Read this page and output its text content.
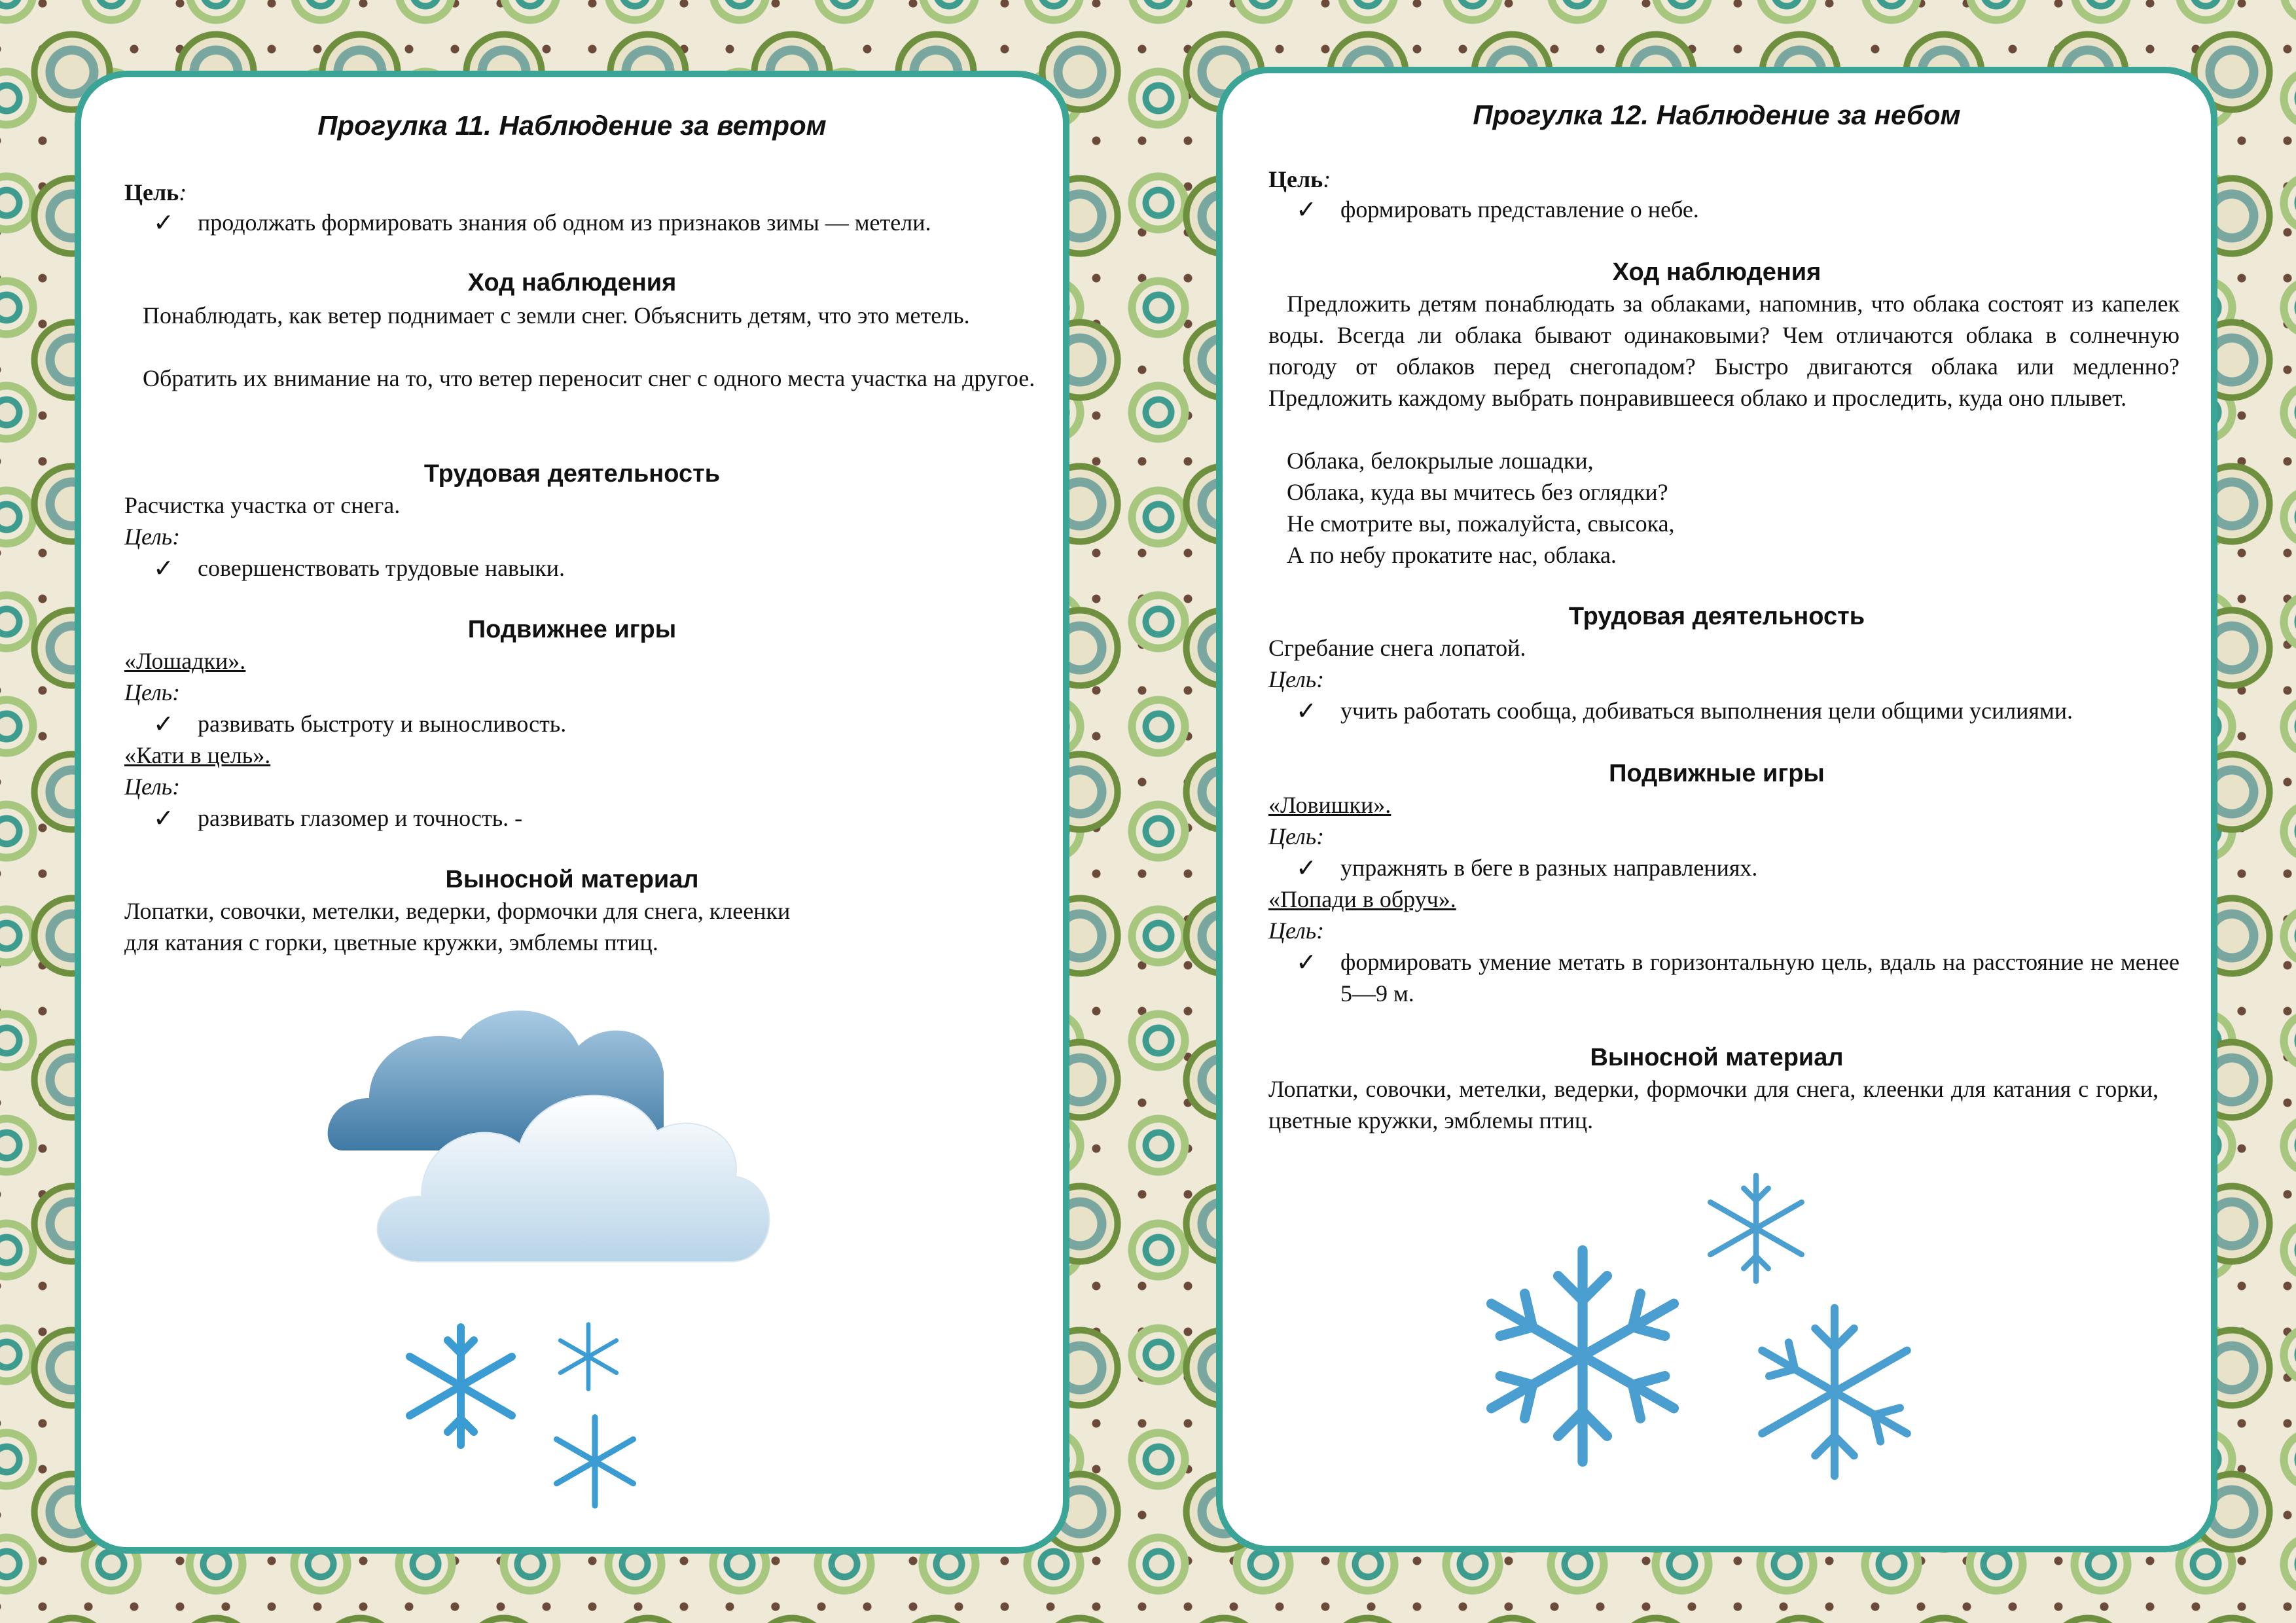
Прогулка 11. Наблюдение за ветром
Цель:
✓ продолжать формировать знания об одном из признаков зимы — метели.
Ход наблюдения
Понаблюдать, как ветер поднимает с земли снег. Объяснить детям, что это метель.
Обратить их внимание на то, что ветер переносит снег с одного места участка на другое.
Трудовая деятельность
Расчистка участка от снега.
Цель:
✓ совершенствовать трудовые навыки.
Подвижнее игры
«Лошадки».
Цель:
✓ развивать быстроту и выносливость.
«Кати в цель».
Цель:
✓ развивать глазомер и точность. -
Выносной материал
Лопатки, совочки, метелки, ведерки, формочки для снега, клеенки
для катания с горки, цветные кружки, эмблемы птиц.
Прогулка 12. Наблюдение за небом
Цель:
✓ формировать представление о небе.
Ход наблюдения
Предложить детям понаблюдать за облаками, напомнив, что облака состоят из капелек воды. Всегда ли облака бывают одинаковыми? Чем отличаются облака в солнечную погоду от облаков перед снегопадом? Быстро двигаются облака или медленно? Предложить каждому выбрать понравившееся облако и проследить, куда оно плывет.
Облака, белокрылые лошадки,
Облака, куда вы мчитесь без оглядки?
Не смотрите вы, пожалуйста, свысока,
А по небу прокатите нас, облака.
Трудовая деятельность
Сгребание снега лопатой.
Цель:
✓ учить работать сообща, добиваться выполнения цели общими усилиями.
Подвижные игры
«Ловишки».
Цель:
✓ упражнять в беге в разных направлениях.
«Попади в обруч».
Цель:
✓ формировать умение метать в горизонтальную цель, вдаль на расстояние не менее 5—9 м.
Выносной материал
Лопатки, совочки, метелки, ведерки, формочки для снега, клеенки для катания с горки, цветные кружки, эмблемы птиц.
